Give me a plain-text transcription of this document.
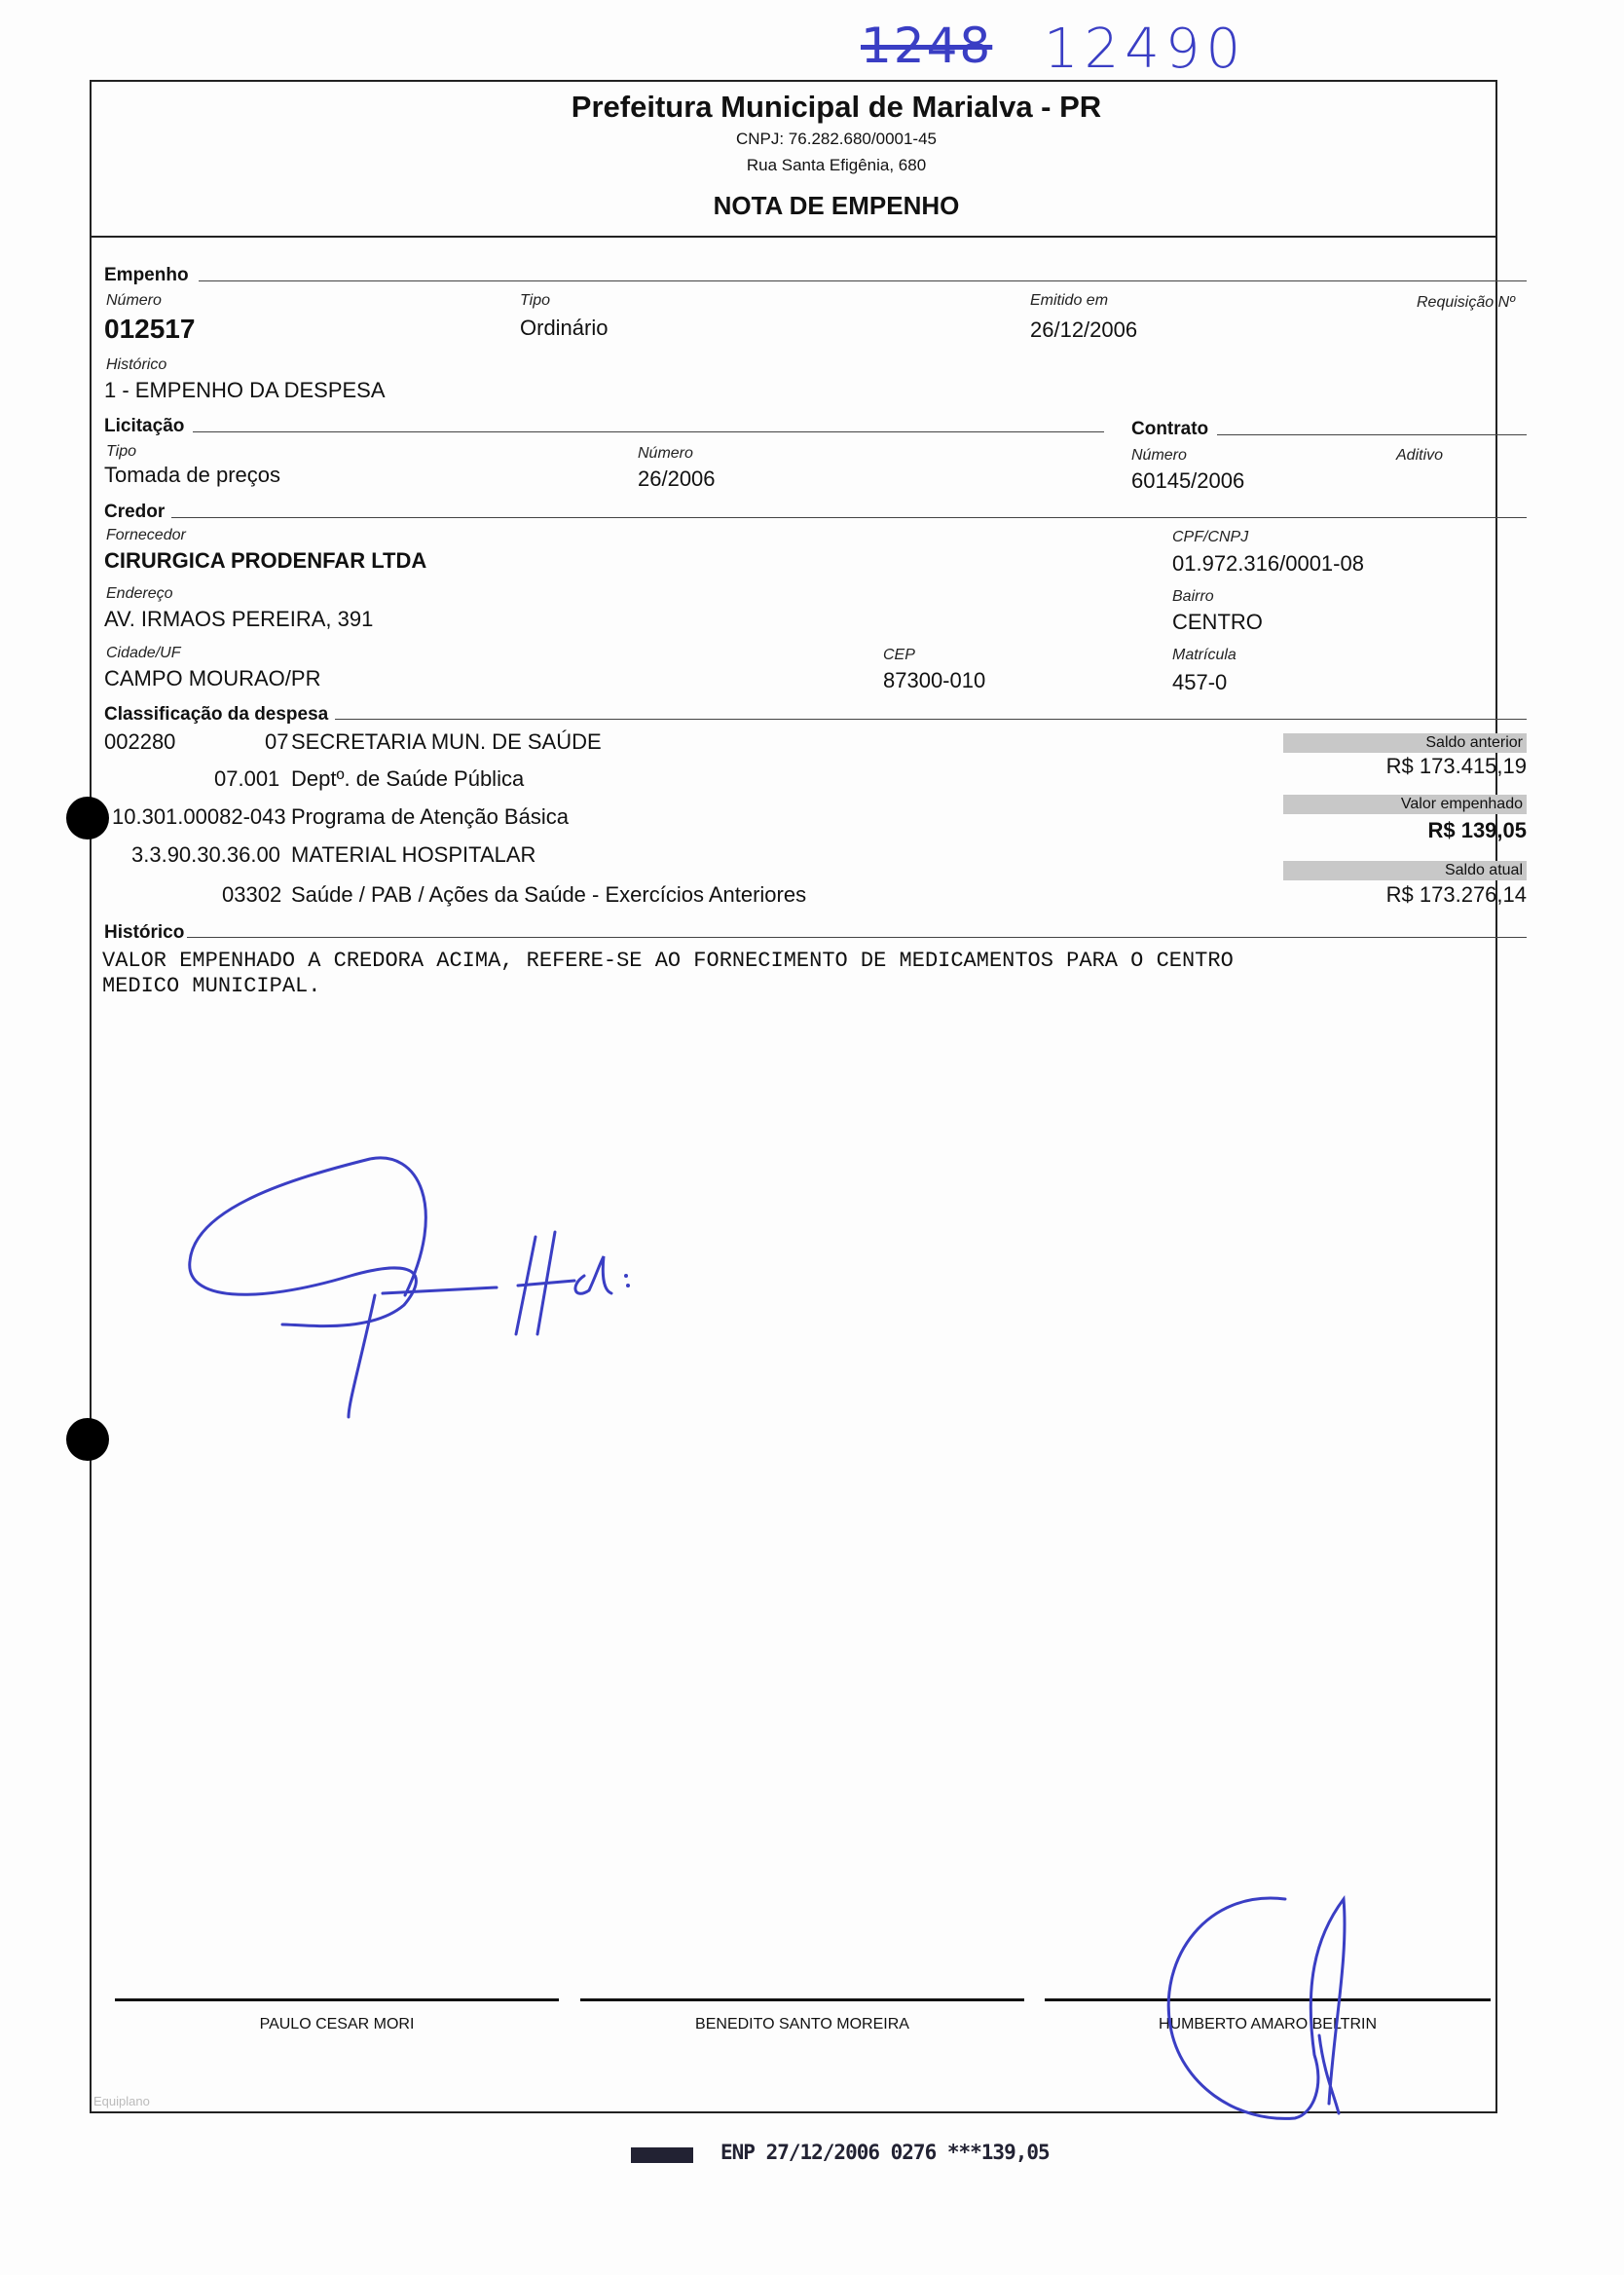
1248 12490
Prefeitura Municipal de Marialva - PR
CNPJ: 76.282.680/0001-45
Rua Santa Efigênia, 680
NOTA DE EMPENHO
Empenho
Número
012517
Tipo
Ordinário
Emitido em
26/12/2006
Requisição Nº
Histórico
1 - EMPENHO DA DESPESA
Licitação	Contrato
Tipo
Tomada de preços
Número
26/2006
Número
60145/2006
Aditivo
Credor
Fornecedor
CIRURGICA PRODENFAR LTDA
CPF/CNPJ
01.972.316/0001-08
Endereço
AV. IRMAOS PEREIRA, 391
Bairro
CENTRO
Cidade/UF
CAMPO MOURAO/PR
CEP
87300-010
Matrícula
457-0
Classificação da despesa
002280	07 SECRETARIA MUN. DE SAÚDE
07.001 Deptº. de Saúde Pública
10.301.00082-043 Programa de Atenção Básica
3.3.90.30.36.00 MATERIAL HOSPITALAR
03302 Saúde / PAB / Ações da Saúde - Exercícios Anteriores
Saldo anterior
R$ 173.415,19
Valor empenhado
R$ 139,05
Saldo atual
R$ 173.276,14
Histórico
VALOR EMPENHADO A CREDORA ACIMA, REFERE-SE AO FORNECIMENTO DE MEDICAMENTOS PARA O CENTRO
MEDICO MUNICIPAL.
PAULO CESAR MORI	BENEDITO SANTO MOREIRA	HUMBERTO AMARO BELTRIN
Equiplano
ENP 27/12/2006 0276 ***139,05
